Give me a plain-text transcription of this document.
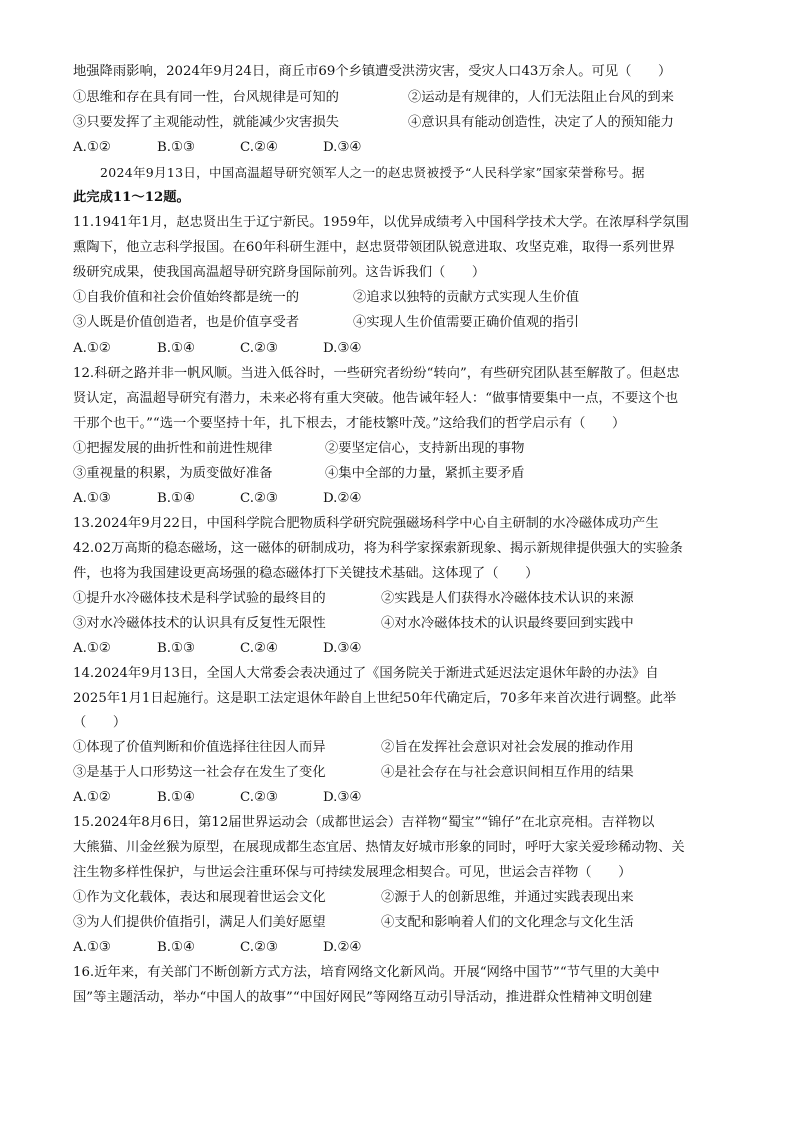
地强降雨影响，2024年9月24日，商丘市69个乡镇遭受洪涝灾害，受灾人口43万余人。可见（　　）
①思维和存在具有同一性，台风规律是可知的	②运动是有规律的，人们无法阻止台风的到来
③只要发挥了主观能动性，就能减少灾害损失	④意识具有能动创造性，决定了人的预知能力
A.①②	B.①③	C.②④	D.③④
2024年9月13日，中国高温超导研究领军人之一的赵忠贤被授予“人民科学家”国家荣誉称号。据
此完成11～12题。
11.1941年1月，赵忠贤出生于辽宁新民。1959年，以优异成绩考入中国科学技术大学。在浓厚科学氛围
熏陶下，他立志科学报国。在60年科研生涯中，赵忠贤带领团队锐意进取、攻坚克难，取得一系列世界
级研究成果，使我国高温超导研究跻身国际前列。这告诉我们（　　）
①自我价值和社会价值始终都是统一的	②追求以独特的贡献方式实现人生价值
③人既是价值创造者，也是价值享受者	④实现人生价值需要正确价值观的指引
A.①②	B.①④	C.②③	D.③④
12.科研之路并非一帆风顺。当进入低谷时，一些研究者纷纷“转向”，有些研究团队甚至解散了。但赵忠
贤认定，高温超导研究有潜力，未来必将有重大突破。他告诫年轻人：“做事情要集中一点，不要这个也
干那个也干。”“选一个要坚持十年，扎下根去，才能枝繁叶茂。”这给我们的哲学启示有（　　）
①把握发展的曲折性和前进性规律	②要坚定信心，支持新出现的事物
③重视量的积累，为质变做好准备	④集中全部的力量，紧抓主要矛盾
A.①③	B.①④	C.②③	D.②④
13.2024年9月22日，中国科学院合肥物质科学研究院强磁场科学中心自主研制的水冷磁体成功产生
42.02万高斯的稳态磁场，这一磁体的研制成功，将为科学家探索新现象、揭示新规律提供强大的实验条
件，也将为我国建设更高场强的稳态磁体打下关键技术基础。这体现了（　　）
①提升水冷磁体技术是科学试验的最终目的	②实践是人们获得水冷磁体技术认识的来源
③对水冷磁体技术的认识具有反复性无限性	④对水冷磁体技术的认识最终要回到实践中
A.①②	B.①③	C.②④	D.③④
14.2024年9月13日，全国人大常委会表决通过了《国务院关于渐进式延迟法定退休年龄的办法》自
2025年1月1日起施行。这是职工法定退休年龄自上世纪50年代确定后，70多年来首次进行调整。此举
（　　）
①体现了价值判断和价值选择往往因人而异	②旨在发挥社会意识对社会发展的推动作用
③是基于人口形势这一社会存在发生了变化	④是社会存在与社会意识间相互作用的结果
A.①②	B.①④	C.②③	D.③④
15.2024年8月6日，第12届世界运动会（成都世运会）吉祥物“蜀宝”“锦仔”在北京亮相。吉祥物以
大熊猫、川金丝猴为原型，在展现成都生态宜居、热情友好城市形象的同时，呼吁大家关爱珍稀动物、关
注生物多样性保护，与世运会注重环保与可持续发展理念相契合。可见，世运会吉祥物（　　）
①作为文化载体，表达和展现着世运会文化	②源于人的创新思维，并通过实践表现出来
③为人们提供价值指引，满足人们美好愿望	④支配和影响着人们的文化理念与文化生活
A.①③	B.①④	C.②③	D.②④
16.近年来，有关部门不断创新方式方法，培育网络文化新风尚。开展“网络中国节”“节气里的大美中
国”等主题活动，举办“中国人的故事”“中国好网民”等网络互动引导活动，推进群众性精神文明创建
